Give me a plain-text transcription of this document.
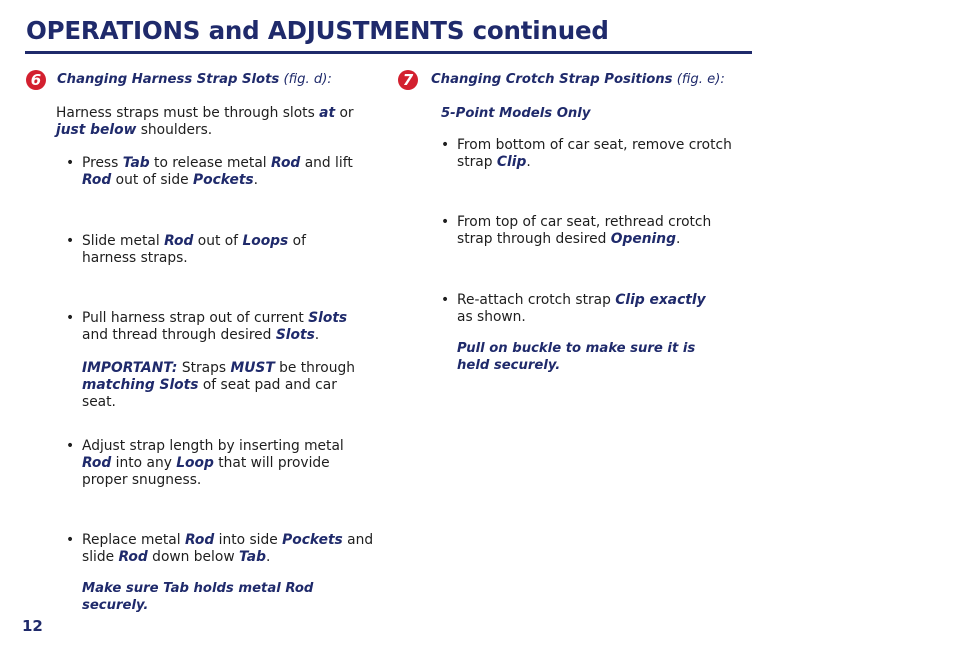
OPERATIONS and ADJUSTMENTS continued
6	Changing Harness Strap Slots (fig. d):

Harness straps must be through slots at or just below shoulders.

• Press Tab to release metal Rod and lift Rod out of side Pockets.
• Slide metal Rod out of Loops of harness straps.
• Pull harness strap out of current Slots and thread through desired Slots.

IMPORTANT: Straps MUST be through matching Slots of seat pad and car seat.

• Adjust strap length by inserting metal Rod into any Loop that will provide proper snugness.
• Replace metal Rod into side Pockets and slide Rod down below Tab.
Make sure Tab holds metal Rod securely.
7	Changing Crotch Strap Positions (fig. e):
5-Point Models Only
• From bottom of car seat, remove crotch strap Clip.
• From top of car seat, rethread crotch strap through desired Opening.
• Re-attach crotch strap Clip exactly as shown.
Pull on buckle to make sure it is held securely.
12
